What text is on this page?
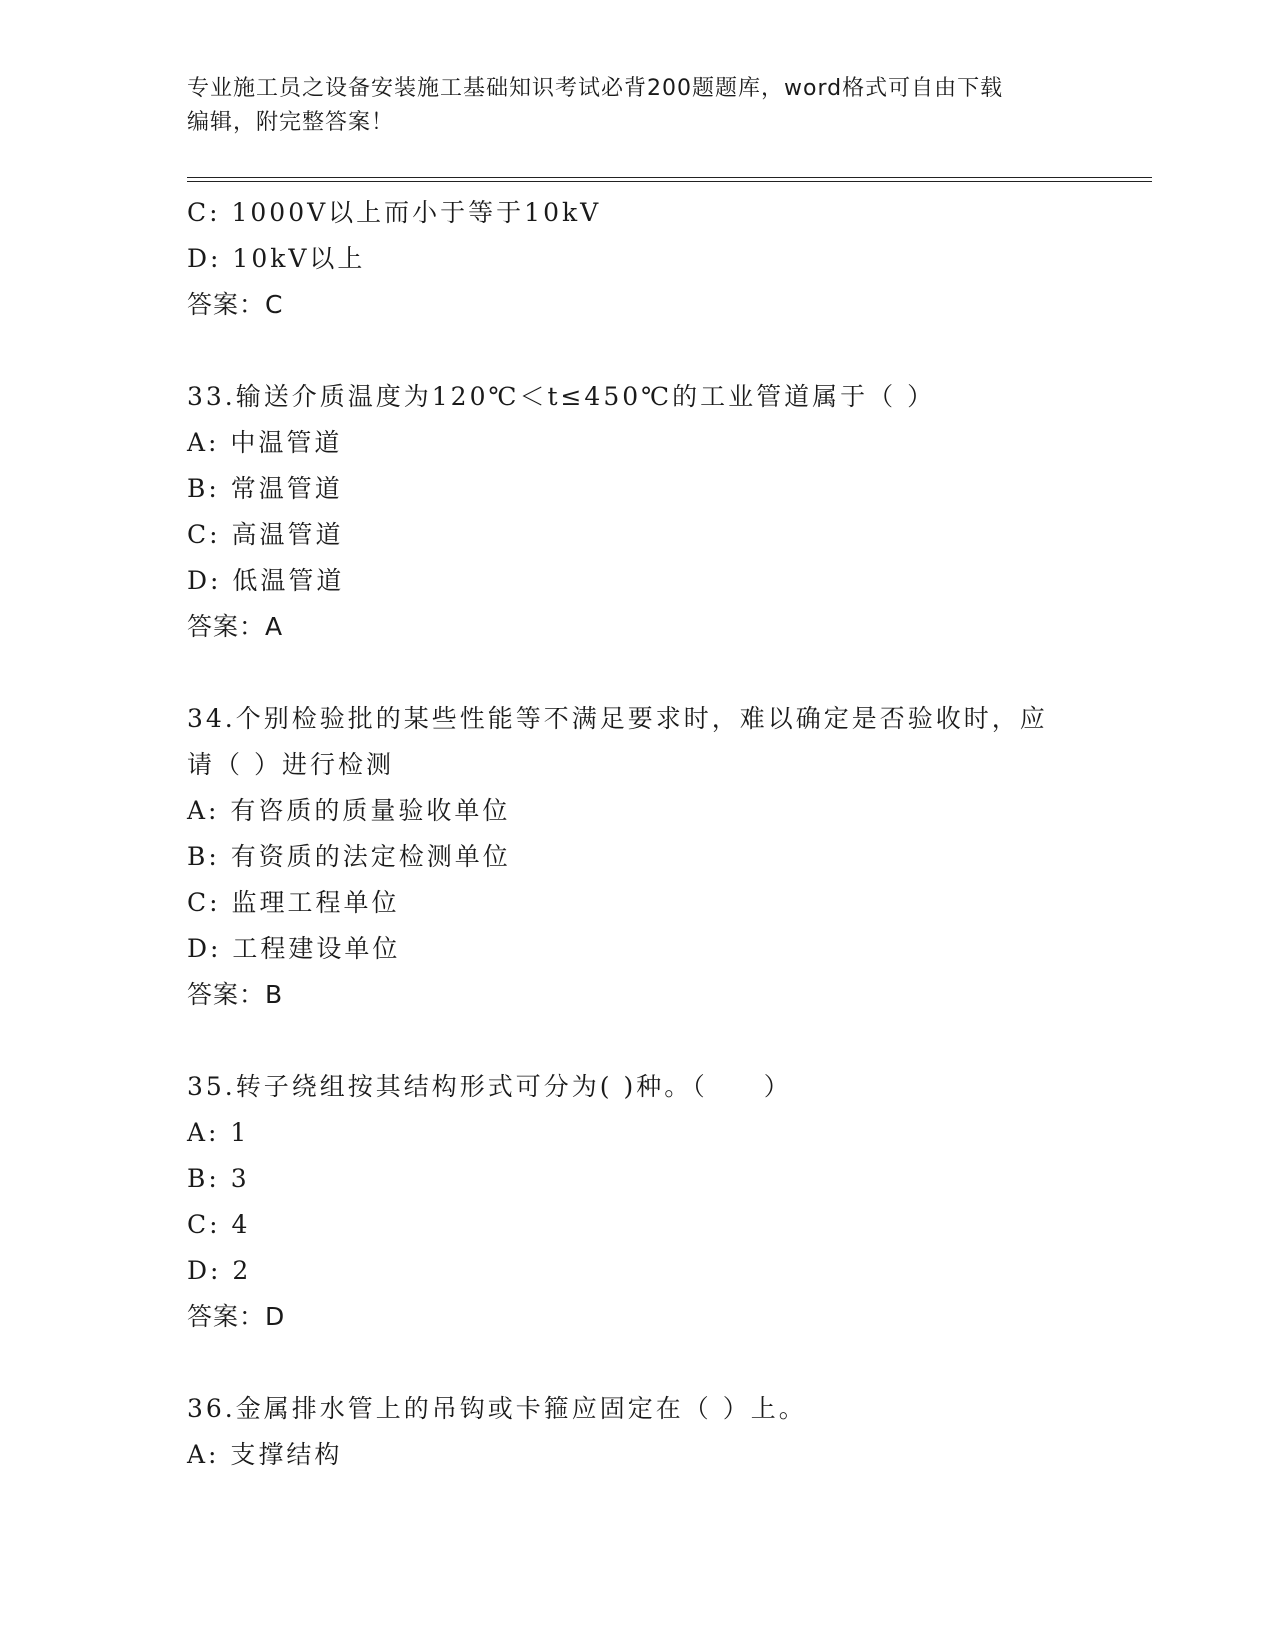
专业施工员之设备安装施工基础知识考试必背200题题库，word格式可自由下载
编辑，附完整答案！
C: 1000V以上而小于等于10kV
D: 10kV以上
答案：C
33.输送介质温度为120℃＜t≤450℃的工业管道属于（ ）
A: 中温管道
B: 常温管道
C: 高温管道
D: 低温管道
答案：A
34.个别检验批的某些性能等不满足要求时，难以确定是否验收时，应
请（ ）进行检测
A: 有咨质的质量验收单位
B: 有资质的法定检测单位
C: 监理工程单位
D: 工程建设单位
答案：B
35.转子绕组按其结构形式可分为( )种。（　　）
A: 1
B: 3
C: 4
D: 2
答案：D
36.金属排水管上的吊钩或卡箍应固定在（ ）上。
A: 支撑结构
